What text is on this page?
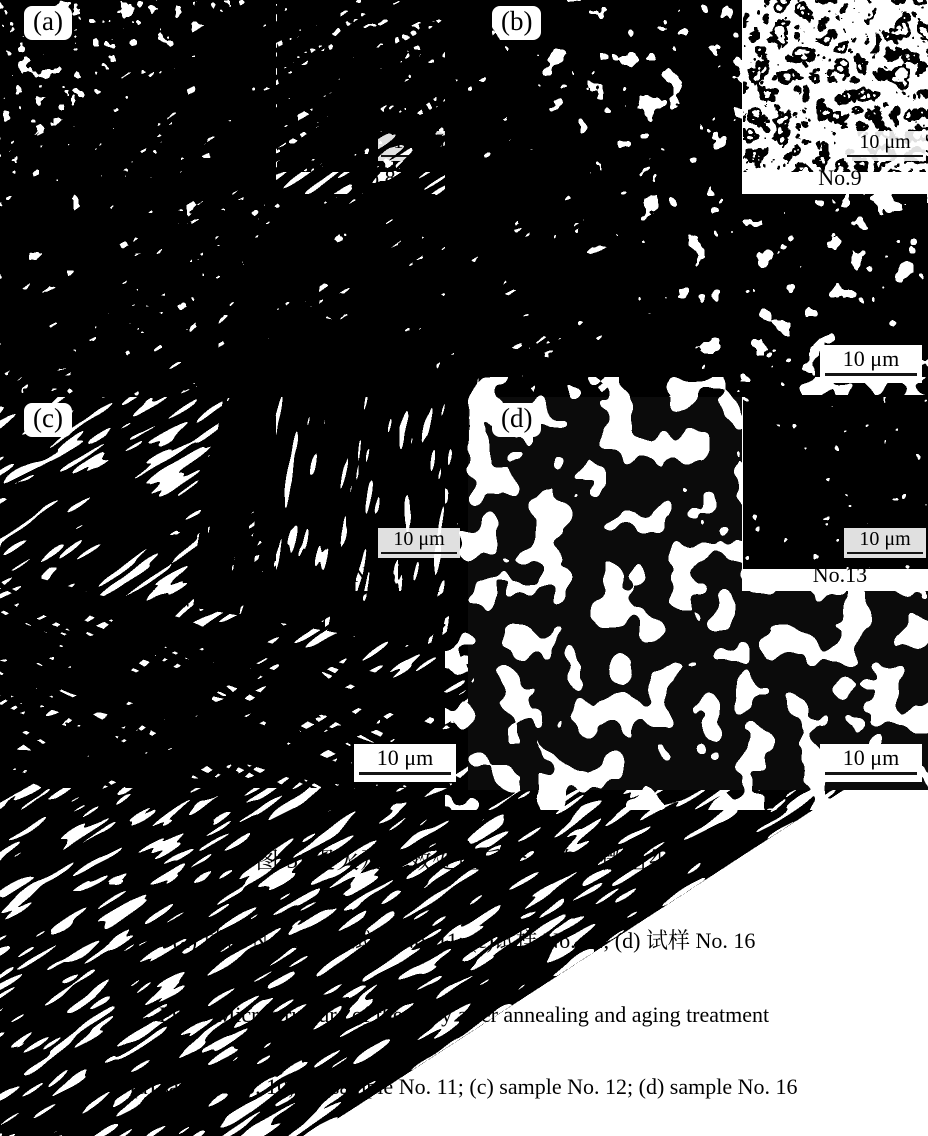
(a)	(b)
10 μm
No.9
10 μm
(c)
10 μm
10 μm
(d)
10 μm
No.13
10 μm

图 5  退火及时效处理后合金的显微组织

(a) 试样 No. 10; (b)试样 No. 11; (c)试样 No. 12; (d) 试样 No. 16

Fig.5  Microstructure of the alloy after annealing and aging treatment

(a) sample No. 10; (b) sample No. 11; (c) sample No. 12; (d) sample No. 16
